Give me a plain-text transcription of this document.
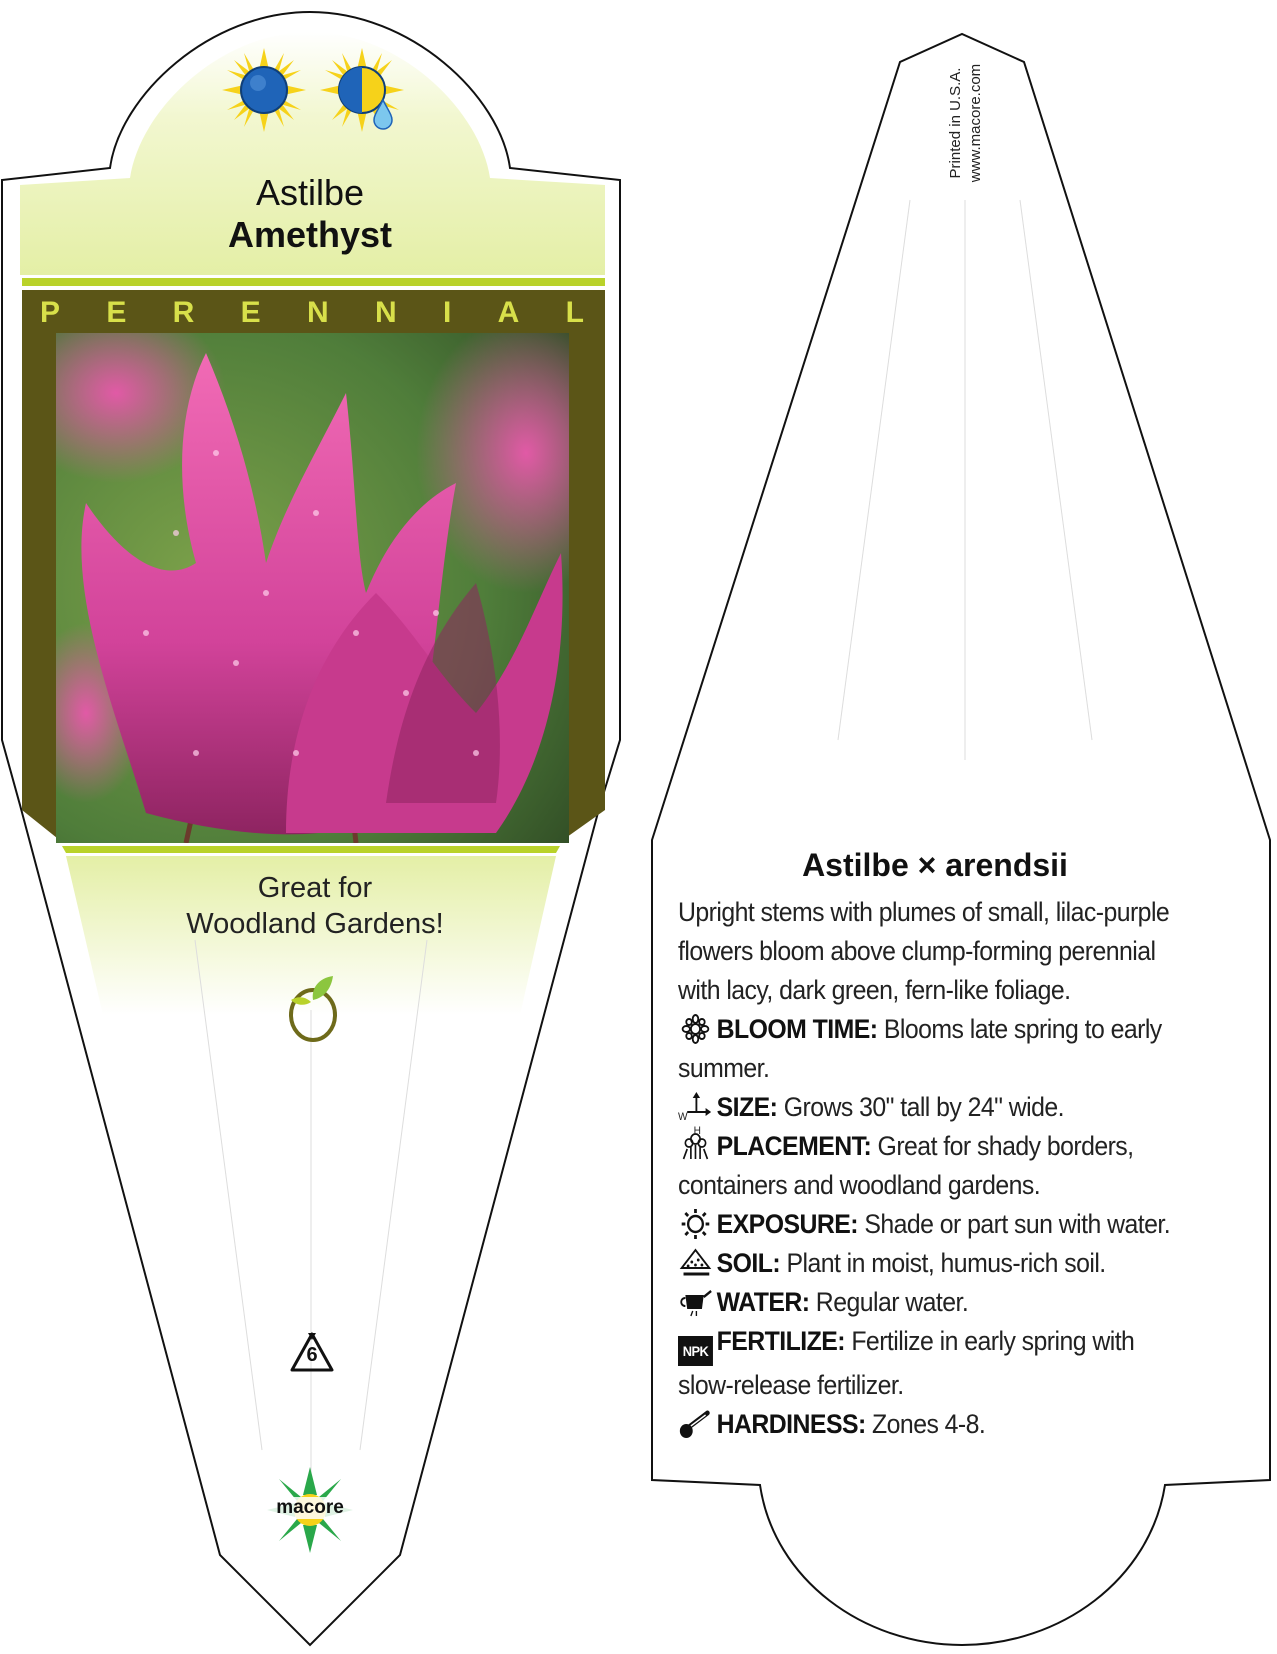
Astilbe
Amethyst
P E R E N N I A L
Great for
Woodland Gardens!
6
macore
Printed in U.S.A. www.macore.com
Astilbe × arendsii
Upright stems with plumes of small, lilac-purple flowers bloom above clump-forming perennial with lacy, dark green, fern-like foliage.
BLOOM TIME: Blooms late spring to early summer.
W
H
SIZE: Grows 30" tall by 24" wide.
PLACEMENT: Great for shady borders, containers and woodland gardens.
EXPOSURE: Shade or part sun with water.
SOIL: Plant in moist, humus-rich soil.
WATER: Regular water.
NPK FERTILIZE: Fertilize in early spring with slow-release fertilizer.
HARDINESS: Zones 4-8.
